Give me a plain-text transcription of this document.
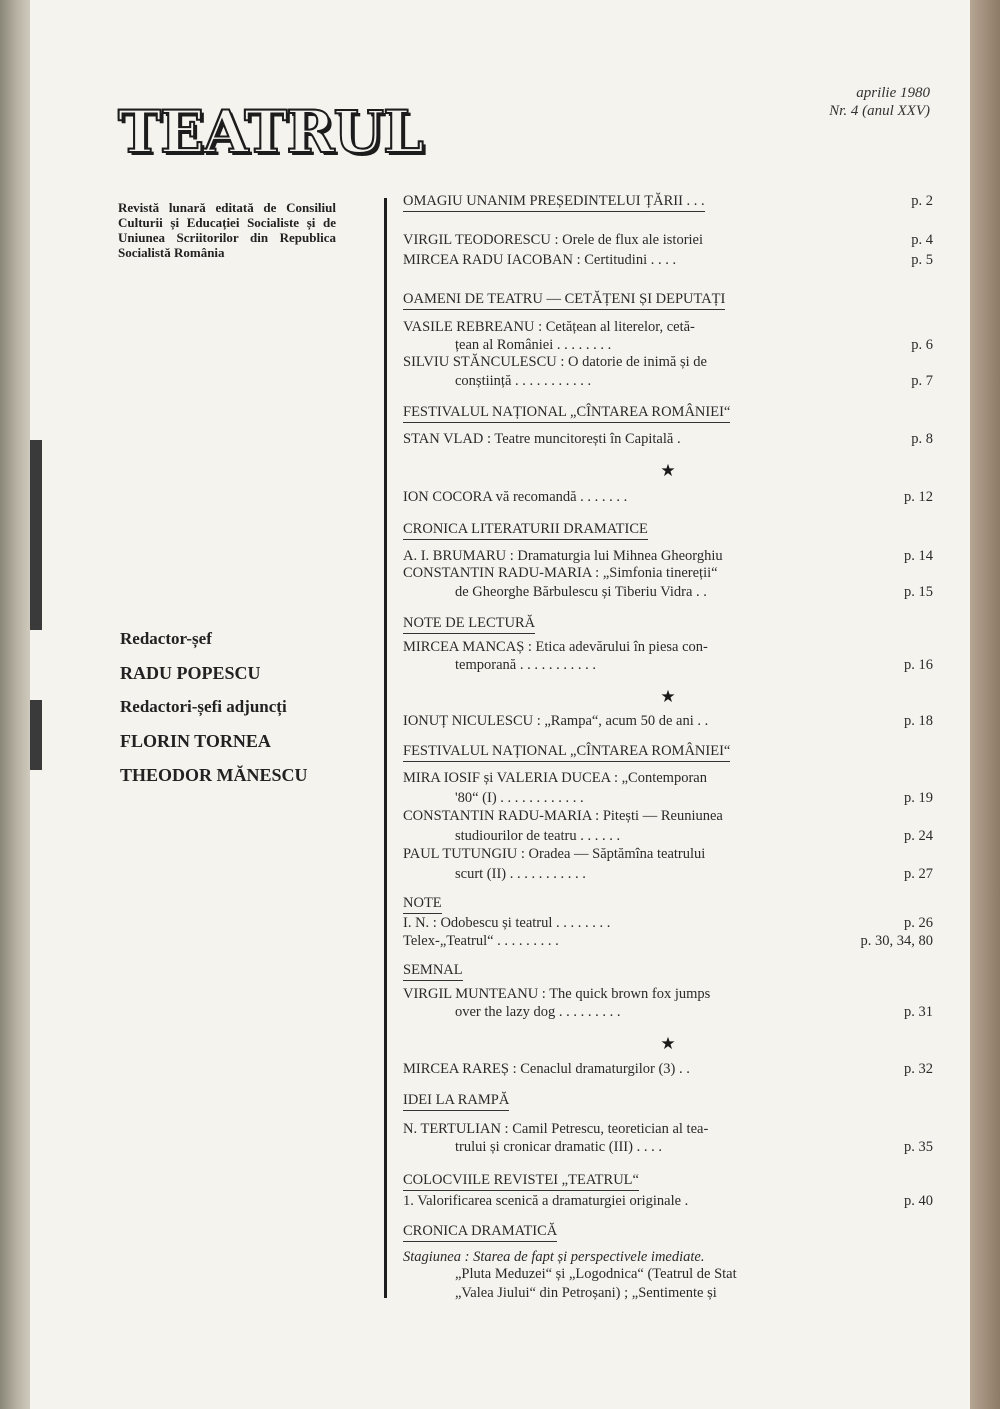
TEATRUL
aprilie 1980
Nr. 4 (anul XXV)
Revistă lunară editată de Consiliul Culturii și Educației Socialiste și de Uniunea Scriitorilor din Republica Socialistă România
Redactor-șef
RADU POPESCU
Redactori-șefi adjuncți
FLORIN TORNEA
THEODOR MĂNESCU
OMAGIU UNANIM PREȘEDINTELUI ȚĂRII . . .	p. 2
VIRGIL TEODORESCU : Orele de flux ale istoriei	p. 4
MIRCEA RADU IACOBAN : Certitudini . . . .	p. 5
OAMENI DE TEATRU — CETĂȚENI ȘI DEPUTAȚI
VASILE REBREANU : Cetățean al literelor, cetă-
țean al României . . . . . . . .	p. 6
SILVIU STĂNCULESCU : O datorie de inimă și de
conștiință . . . . . . . . . . .	p. 7
FESTIVALUL NAȚIONAL „CÎNTAREA ROMÂNIEI“
STAN VLAD : Teatre muncitorești în Capitală .	p. 8
★
ION COCORA vă recomandă . . . . . . .	p. 12
CRONICA LITERATURII DRAMATICE
A. I. BRUMARU : Dramaturgia lui Mihnea Gheorghiu	p. 14
CONSTANTIN RADU-MARIA : „Simfonia tinereții“
de Gheorghe Bărbulescu și Tiberiu Vidra . .	p. 15
NOTE DE LECTURĂ
MIRCEA MANCAȘ : Etica adevărului în piesa con-
temporană . . . . . . . . . . .	p. 16
★
IONUȚ NICULESCU : „Rampa“, acum 50 de ani . .	p. 18
FESTIVALUL NAȚIONAL „CÎNTAREA ROMÂNIEI“
MIRA IOSIF și VALERIA DUCEA : „Contemporan
'80“ (I) . . . . . . . . . . . .	p. 19
CONSTANTIN RADU-MARIA : Pitești — Reuniunea
studiourilor de teatru . . . . . .	p. 24
PAUL TUTUNGIU : Oradea — Săptămîna teatrului
scurt (II) . . . . . . . . . . .	p. 27
NOTE
I. N. : Odobescu și teatrul . . . . . . . .	p. 26
Telex-„Teatrul“ . . . . . . . . .	p. 30, 34, 80
SEMNAL
VIRGIL MUNTEANU : The quick brown fox jumps
over the lazy dog . . . . . . . . .	p. 31
★
MIRCEA RAREȘ : Cenaclul dramaturgilor (3) . .	p. 32
IDEI LA RAMPĂ
N. TERTULIAN : Camil Petrescu, teoretician al tea-
trului și cronicar dramatic (III) . . . .	p. 35
COLOCVIILE REVISTEI „TEATRUL“
1. Valorificarea scenică a dramaturgiei originale .	p. 40
CRONICA DRAMATICĂ
Stagiunea : Starea de fapt și perspectivele imediate.
„Pluta Meduzei“ și „Logodnica“ (Teatrul de Stat
„Valea Jiului“ din Petroșani) ; „Sentimente și
